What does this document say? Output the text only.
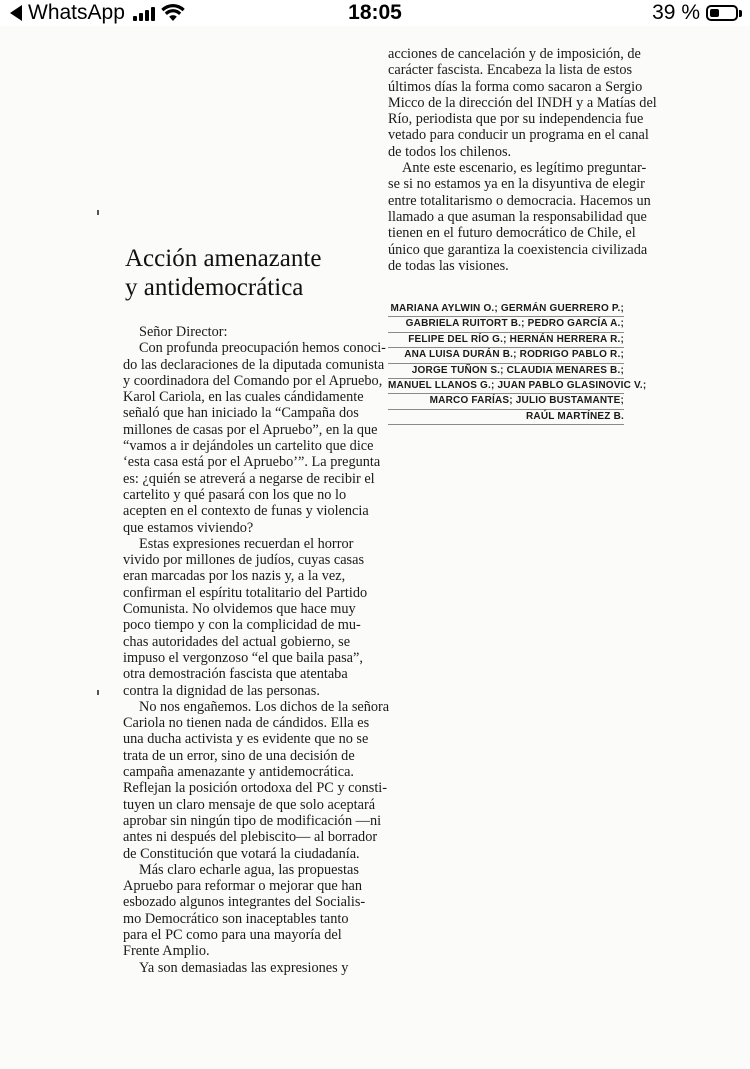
WhatsApp	18:05	39 %
Acción amenazante
y antidemocrática
Señor Director:
Con profunda preocupación hemos conoci-
do las declaraciones de la diputada comunista
y coordinadora del Comando por el Apruebo,
Karol Cariola, en las cuales cándidamente
señaló que han iniciado la “Campaña dos
millones de casas por el Apruebo”, en la que
“vamos a ir dejándoles un cartelito que dice
‘esta casa está por el Apruebo’”. La pregunta
es: ¿quién se atreverá a negarse de recibir el
cartelito y qué pasará con los que no lo
acepten en el contexto de funas y violencia
que estamos viviendo?
Estas expresiones recuerdan el horror
vivido por millones de judíos, cuyas casas
eran marcadas por los nazis y, a la vez,
confirman el espíritu totalitario del Partido
Comunista. No olvidemos que hace muy
poco tiempo y con la complicidad de mu-
chas autoridades del actual gobierno, se
impuso el vergonzoso “el que baila pasa”,
otra demostración fascista que atentaba
contra la dignidad de las personas.
No nos engañemos. Los dichos de la señora
Cariola no tienen nada de cándidos. Ella es
una ducha activista y es evidente que no se
trata de un error, sino de una decisión de
campaña amenazante y antidemocrática.
Reflejan la posición ortodoxa del PC y consti-
tuyen un claro mensaje de que solo aceptará
aprobar sin ningún tipo de modificación —ni
antes ni después del plebiscito— al borrador
de Constitución que votará la ciudadanía.
Más claro echarle agua, las propuestas
Apruebo para reformar o mejorar que han
esbozado algunos integrantes del Socialis-
mo Democrático son inaceptables tanto
para el PC como para una mayoría del
Frente Amplio.
Ya son demasiadas las expresiones y
acciones de cancelación y de imposición, de
carácter fascista. Encabeza la lista de estos
últimos días la forma como sacaron a Sergio
Micco de la dirección del INDH y a Matías del
Río, periodista que por su independencia fue
vetado para conducir un programa en el canal
de todos los chilenos.
Ante este escenario, es legítimo preguntar-
se si no estamos ya en la disyuntiva de elegir
entre totalitarismo o democracia. Hacemos un
llamado a que asuman la responsabilidad que
tienen en el futuro democrático de Chile, el
único que garantiza la coexistencia civilizada
de todas las visiones.
MARIANA AYLWIN O.; GERMÁN GUERRERO P.;
GABRIELA RUITORT B.; PEDRO GARCÍA A.;
FELIPE DEL RÍO G.; HERNÁN HERRERA R.;
ANA LUISA DURÁN B.; RODRIGO PABLO R.;
JORGE TUÑON S.; CLAUDIA MENARES B.;
MANUEL LLANOS G.; JUAN PABLO GLASINOVIC V.;
MARCO FARÍAS; JULIO BUSTAMANTE;
RAÚL MARTÍNEZ B.
